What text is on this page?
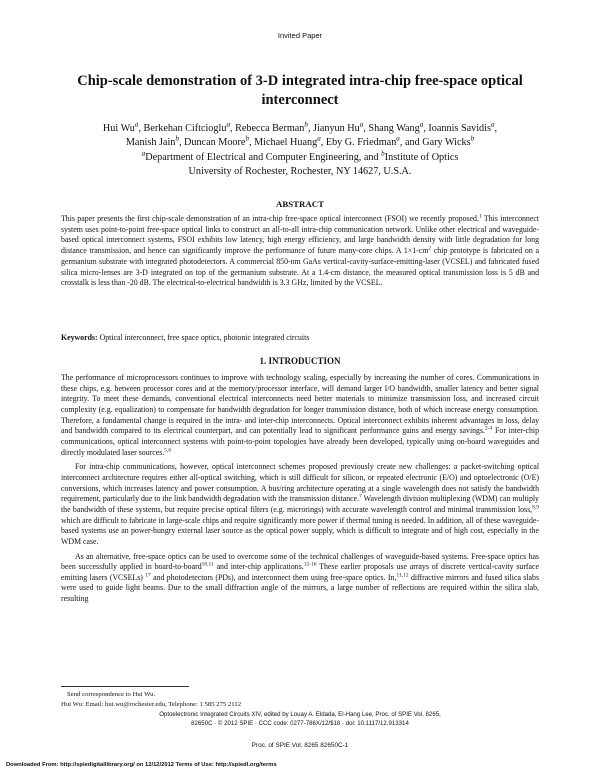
Invited Paper
Chip-scale demonstration of 3-D integrated intra-chip free-space optical interconnect
Hui Wu$^a$, Berkehan Ciftcioglu$^a$, Rebecca Berman$^b$, Jianyun Hu$^a$, Shang Wang$^a$, Ioannis Savidis$^a$,
Manish Jain$^b$, Duncan Moore$^b$, Michael Huang$^a$, Eby G. Friedman$^a$, and Gary Wicks$^b$
$^a$Department of Electrical and Computer Engineering, and $^b$Institute of Optics
University of Rochester, Rochester, NY 14627, U.S.A.
ABSTRACT
This paper presents the first chip-scale demonstration of an intra-chip free-space optical interconnect (FSOI) we recently proposed.$^1$ This interconnect system uses point-to-point free-space optical links to construct an all-to-all intra-chip communication network. Unlike other electrical and waveguide-based optical interconnect systems, FSOI exhibits low latency, high energy efficiency, and large bandwidth density with little degradation for long distance transmission, and hence can significantly improve the performance of future many-core chips. A $1\times 1-cm^2$ chip prototype is fabricated on a germanium substrate with integrated photodetectors. A commercial 850-nm GaAs vertical-cavity-surface-emitting-laser (VCSEL) and fabricated fused silica micro-lenses are 3-D integrated on top of the germanium substrate. At a 1.4-cm distance, the measured optical transmission loss is 5 dB and crosstalk is less than -20 dB. The electrical-to-electrical bandwidth is 3.3 GHz, limited by the VCSEL.
Keywords: Optical interconnect, free space optics, photonic integrated circuits
1. INTRODUCTION

The performance of microprocessors continues to improve with technology scaling, especially by increasing the number of cores. Communications in these chips, e.g. between processor cores and at the memory/processor interface, will demand larger I/O bandwidth, smaller latency and better signal integrity. To meet these demands, conventional electrical interconnects need better materials to minimize transmission loss, and increased circuit complexity (e.g. equalization) to compensate for bandwidth degradation for longer transmission distance, both of which increase energy consumption. Therefore, a fundamental change is required in the intra- and inter-chip interconnects. Optical interconnect exhibits inherent advantages in loss, delay and bandwidth compared to its electrical counterpart, and can potentially lead to significant performance gains and energy savings.$^{2-4}$ For inter-chip communications, optical interconnect systems with point-to-point topologies have already been developed, typically using on-board waveguides and directly modulated laser sources.$^{5,6}$

For intra-chip communications, however, optical interconnect schemes proposed previously create new challenges: a packet-switching optical interconnect architecture requires either all-optical switching, which is still difficult for silicon, or repeated electronic (E/O) and optoelectronic (O/E) conversions, which increases latency and power consumption. A bus/ring architecture operating at a single wavelength does not satisfy the bandwidth requirement, particularly due to the link bandwidth degradation with the transmission distance.$^7$ Wavelength division multiplexing (WDM) can multiply the bandwidth of these systems, but require precise optical filters (e.g. microrings) with accurate wavelength control and minimal transmission loss,$^{8,9}$ which are difficult to fabricate in large-scale chips and require significantly more power if thermal tuning is needed. In addition, all of these waveguide-based systems use an power-hungry external laser source as the optical power supply, which is difficult to integrate and of high cost, especially in the WDM case.

As an alternative, free-space optics can be used to overcome some of the technical challenges of waveguide-based systems. Free-space optics has been successfully applied in board-to-board$^{10,11}$ and inter-chip applications.$^{12-16}$ These earlier proposals use arrays of discrete vertical-cavity surface emitting lasers (VCSELs) $^{17}$ and photodetectors (PDs), and interconnect them using free-space optics. In,$^{11,12}$ diffractive mirrors and fused silica slabs were used to guide light beams. Due to the small diffraction angle of the mirrors, a large number of reflections are required within the silica slab, resulting

Send correspondence to Hui Wu.
Hui Wu: Email: hui.wu@rochester.edu, Telephone: 1 585 275 2112
Optoelectronic Integrated Circuits XIV, edited by Louay A. Eldada, El-Hang Lee, Proc. of SPIE Vol. 8265,
82650C · © 2012 SPIE · CCC code: 0277-786X/12/$18 · doi: 10.1117/12.913314
Proc. of SPIE Vol. 8265 82650C-1
Downloaded From: http://spiedigitallibrary.org/ on 12/12/2012 Terms of Use: http://spiedl.org/terms
